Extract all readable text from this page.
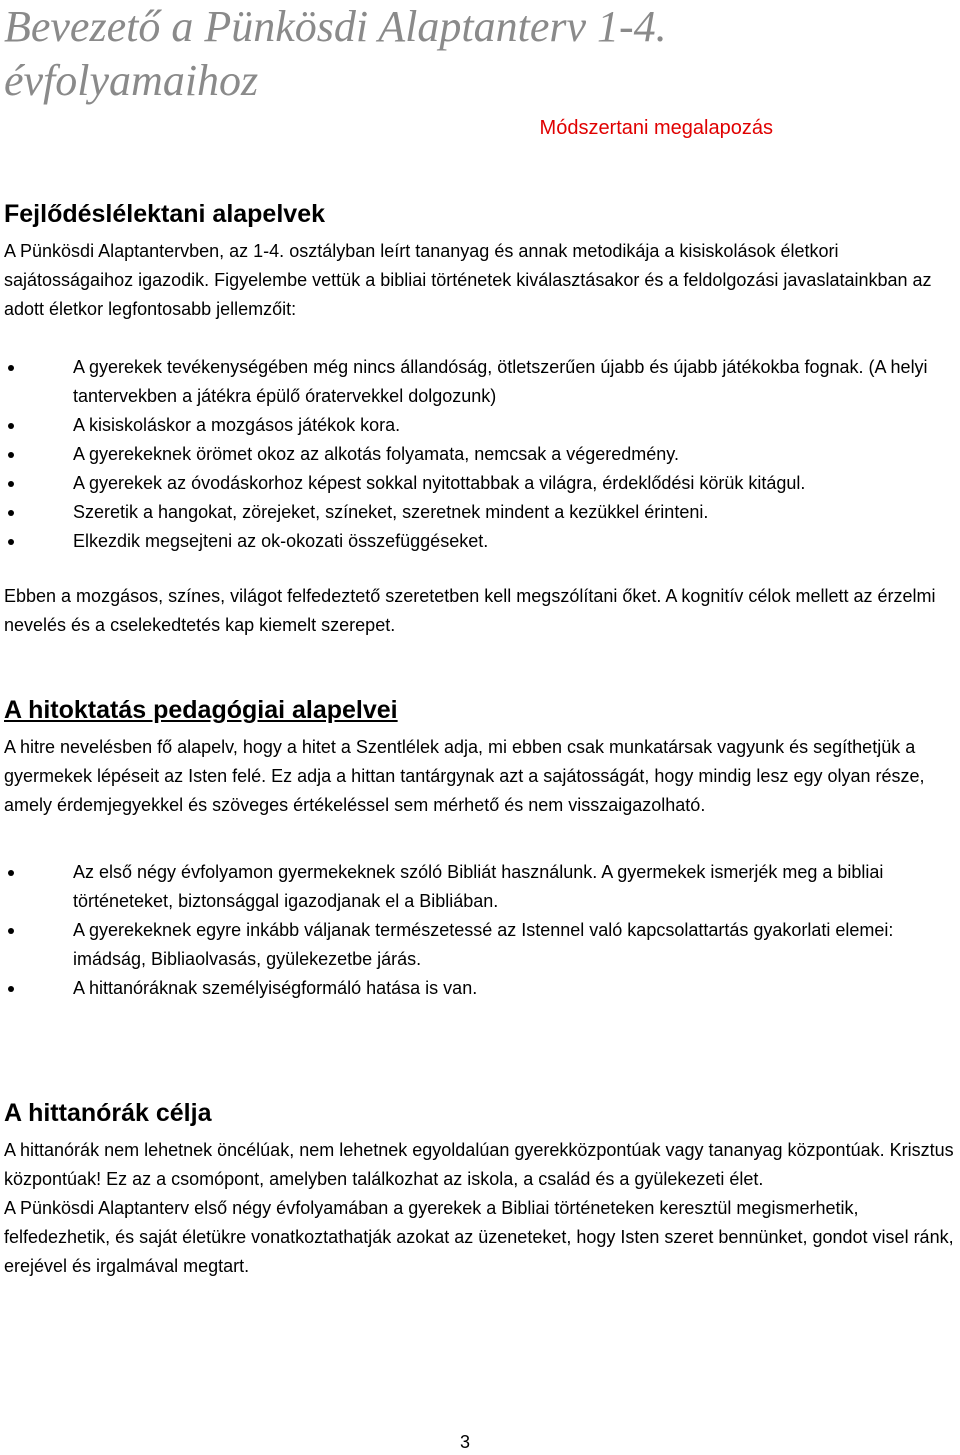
Bevezető a Pünkösdi Alaptanterv 1-4.
évfolyamaihoz
Módszertani megalapozás
Fejlődéslélektani alapelvek

A Pünkösdi Alaptantervben, az 1-4. osztályban leírt tananyag és annak metodikája a kisiskolások életkori sajátosságaihoz igazodik. Figyelembe vettük a bibliai történetek kiválasztásakor és a feldolgozási javaslatainkban az adott életkor legfontosabb jellemzőit:

A gyerekek tevékenységében még nincs állandóság, ötletszerűen újabb és újabb játékokba fognak. (A helyi tantervekben a játékra épülő óratervekkel dolgozunk)
A kisiskoláskor a mozgásos játékok kora.
A gyerekeknek örömet okoz az alkotás folyamata, nemcsak a végeredmény.
A gyerekek az óvodáskorhoz képest sokkal nyitottabbak a világra, érdeklődési körük kitágul.
Szeretik a hangokat, zörejeket, színeket, szeretnek mindent a kezükkel érinteni.
Elkezdik megsejteni az ok-okozati összefüggéseket.

Ebben a mozgásos, színes, világot felfedeztető szeretetben kell megszólítani őket. A kognitív célok mellett az érzelmi nevelés és a cselekedtetés kap kiemelt szerepet.

A hitoktatás pedagógiai alapelvei

A hitre nevelésben fő alapelv, hogy a hitet a Szentlélek adja, mi ebben csak munkatársak vagyunk és segíthetjük a gyermekek lépéseit az Isten felé. Ez adja a hittan tantárgynak azt a sajátosságát, hogy mindig lesz egy olyan része, amely érdemjegyekkel és szöveges értékeléssel sem mérhető és nem visszaigazolható.

Az első négy évfolyamon gyermekeknek szóló Bibliát használunk. A gyermekek ismerjék meg a bibliai történeteket, biztonsággal igazodjanak el a Bibliában.
A gyerekeknek egyre inkább váljanak természetessé az Istennel való kapcsolattartás gyakorlati elemei: imádság, Bibliaolvasás, gyülekezetbe járás.
A hittanóráknak személyiségformáló hatása is van.
A hittanórák célja

A hittanórák nem lehetnek öncélúak, nem lehetnek egyoldalúan gyerekközpontúak vagy tananyag központúak. Krisztus központúak! Ez az a csomópont, amelyben találkozhat az iskola, a család és a gyülekezeti élet.

A Pünkösdi Alaptanterv első négy évfolyamában a gyerekek a Bibliai történeteken keresztül megismerhetik, felfedezhetik, és saját életükre vonatkoztathatják azokat az üzeneteket, hogy Isten szeret bennünket, gondot visel ránk, erejével és irgalmával megtart.

3
